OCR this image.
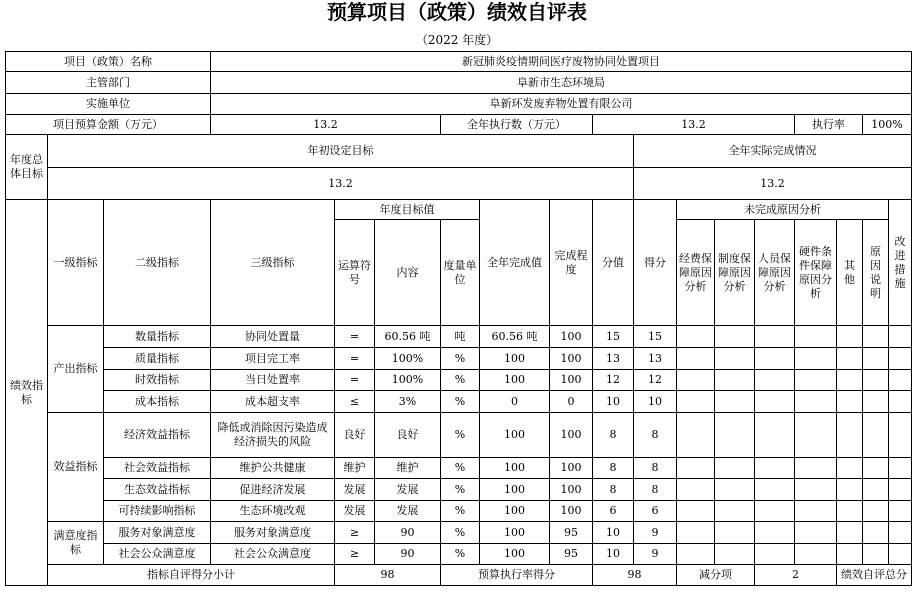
预算项目（政策）绩效自评表
（2022 年度）
项目（政策）名称			新冠肺炎疫情期间医疗废物协同处置项目															
主管部门			阜新市生态环境局															
实施单位			阜新环发废弃物处置有限公司															
项目预算金额（万元）			13.2			全年执行数（万元）			13.2					执行率		100%		
年度总体目标	年初设定目标									全年实际完成情况								
	13.2									13.2								
绩效指标	一级指标	二级指标	三级指标	年度目标值			全年完成值	完成程度	分值	得分	未完成原因分析						改进措施	
				运算符号	内容	度量单位					经费保障原因分析	制度保障原因分析	人员保障原因分析	硬件条件保障原因分析	其他	原因说明		
	产出指标	数量指标	协同处置量	=	60.56 吨	吨	60.56 吨	100	15	15								
		质量指标	项目完工率	=	100%	%	100	100	13	13								
		时效指标	当日处置率	=	100%	%	100	100	12	12								
		成本指标	成本超支率	≤	3%	%	0	0	10	10								
	效益指标	经济效益指标	降低或消除因污染造成经济损失的风险	良好	良好	%	100	100	8	8								
		社会效益指标	维护公共健康	维护	维护	%	100	100	8	8								
		生态效益指标	促进经济发展	发展	发展	%	100	100	8	8								
		可持续影响指标	生态环境改观	发展	发展	%	100	100	6	6								
	满意度指标	服务对象满意度	服务对象满意度	≥	90	%	100	95	10	9								
		社会公众满意度	社会公众满意度	≥	90	%	100	95	10	9								
	指标自评得分小计			98		预算执行率得分			98		减分项		2		绩效自评总分	
